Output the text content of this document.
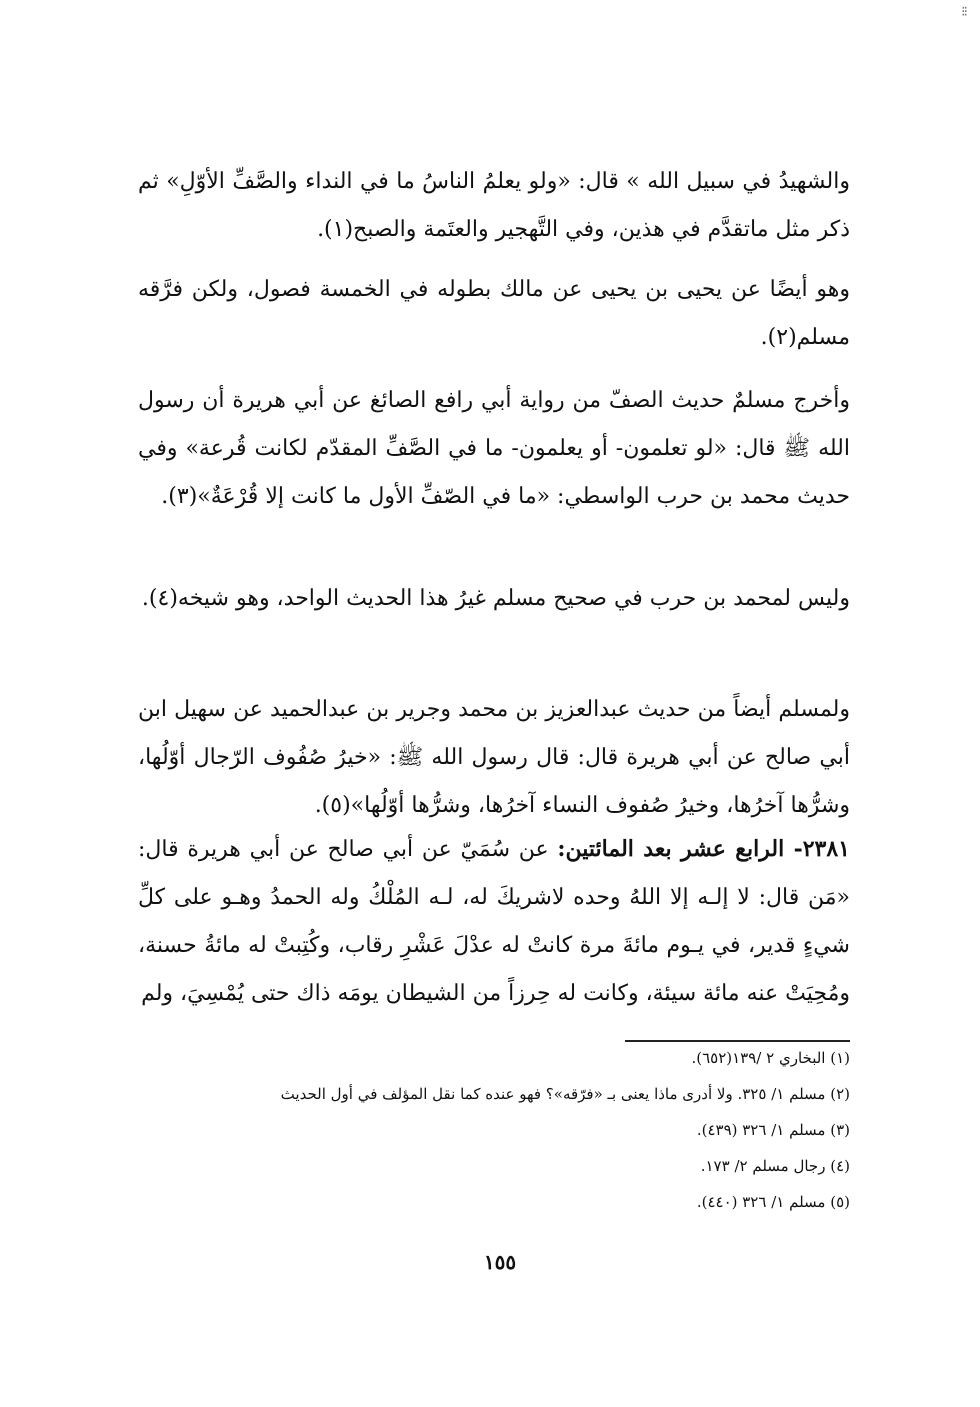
⁝⁝

والشهيدُ في سبيل الله » قال: «ولو يعلمُ الناسُ ما في النداء والصَّفِّ الأوّلِ» ثم ذكر مثل ماتقدَّم في هذين، وفي التَّهجير والعتَمة والصبح(١).

وهو أيضًا عن يحيى بن يحيى عن مالك بطوله في الخمسة فصول، ولكن فرَّقه مسلم(٢).

وأخرج مسلمٌ حديث الصفّ من رواية أبي رافع الصائغ عن أبي هريرة أن رسول الله ﷺ قال: «لو تعلمون- أو يعلمون- ما في الصَّفِّ المقدّم لكانت قُرعة» وفي حديث محمد بن حرب الواسطي: «ما في الصّفِّ الأول ما كانت إلا قُرْعَةٌ»(٣).

وليس لمحمد بن حرب في صحيح مسلم غيرُ هذا الحديث الواحد، وهو شيخه(٤).

ولمسلم أيضاً من حديث عبدالعزيز بن محمد وجرير بن عبدالحميد عن سهيل ابن أبي صالح عن أبي هريرة قال: قال رسول الله ﷺ: «خيرُ صُفُوف الرّجال أوّلُها، وشرُّها آخرُها، وخيرُ صُفوف النساء آخرُها، وشرُّها أوّلُها»(٥).

٢٣٨١- الرابع عشر بعد المائتين: عن سُمَيّ عن أبي صالح عن أبي هريرة قال: «مَن قال: لا إلـه إلا اللهُ وحده لاشريكَ له، لـه المُلْكُ وله الحمدُ وهـو على كلِّ شيءٍ قدير، في يـوم مائةَ مرة كانتْ له عدْلَ عَشْرِ رقاب، وكُتِبتْ له مائةُ حسنة، ومُحِيَتْ عنه مائة سيئة، وكانت له حِرزاً من الشيطان يومَه ذاك حتى يُمْسِيَ، ولم

(١) البخاري ٢ /١٣٩(٦٥٢).
(٢) مسلم ١/ ٣٢٥. ولا أدرى ماذا يعنى بـ «فرّقه»؟ فهو عنده كما نقل المؤلف في أول الحديث
(٣) مسلم ١/ ٣٢٦ (٤٣٩).
(٤) رجال مسلم ٢/ ١٧٣.
(٥) مسلم ١/ ٣٢٦ (٤٤٠).
١٥٥
